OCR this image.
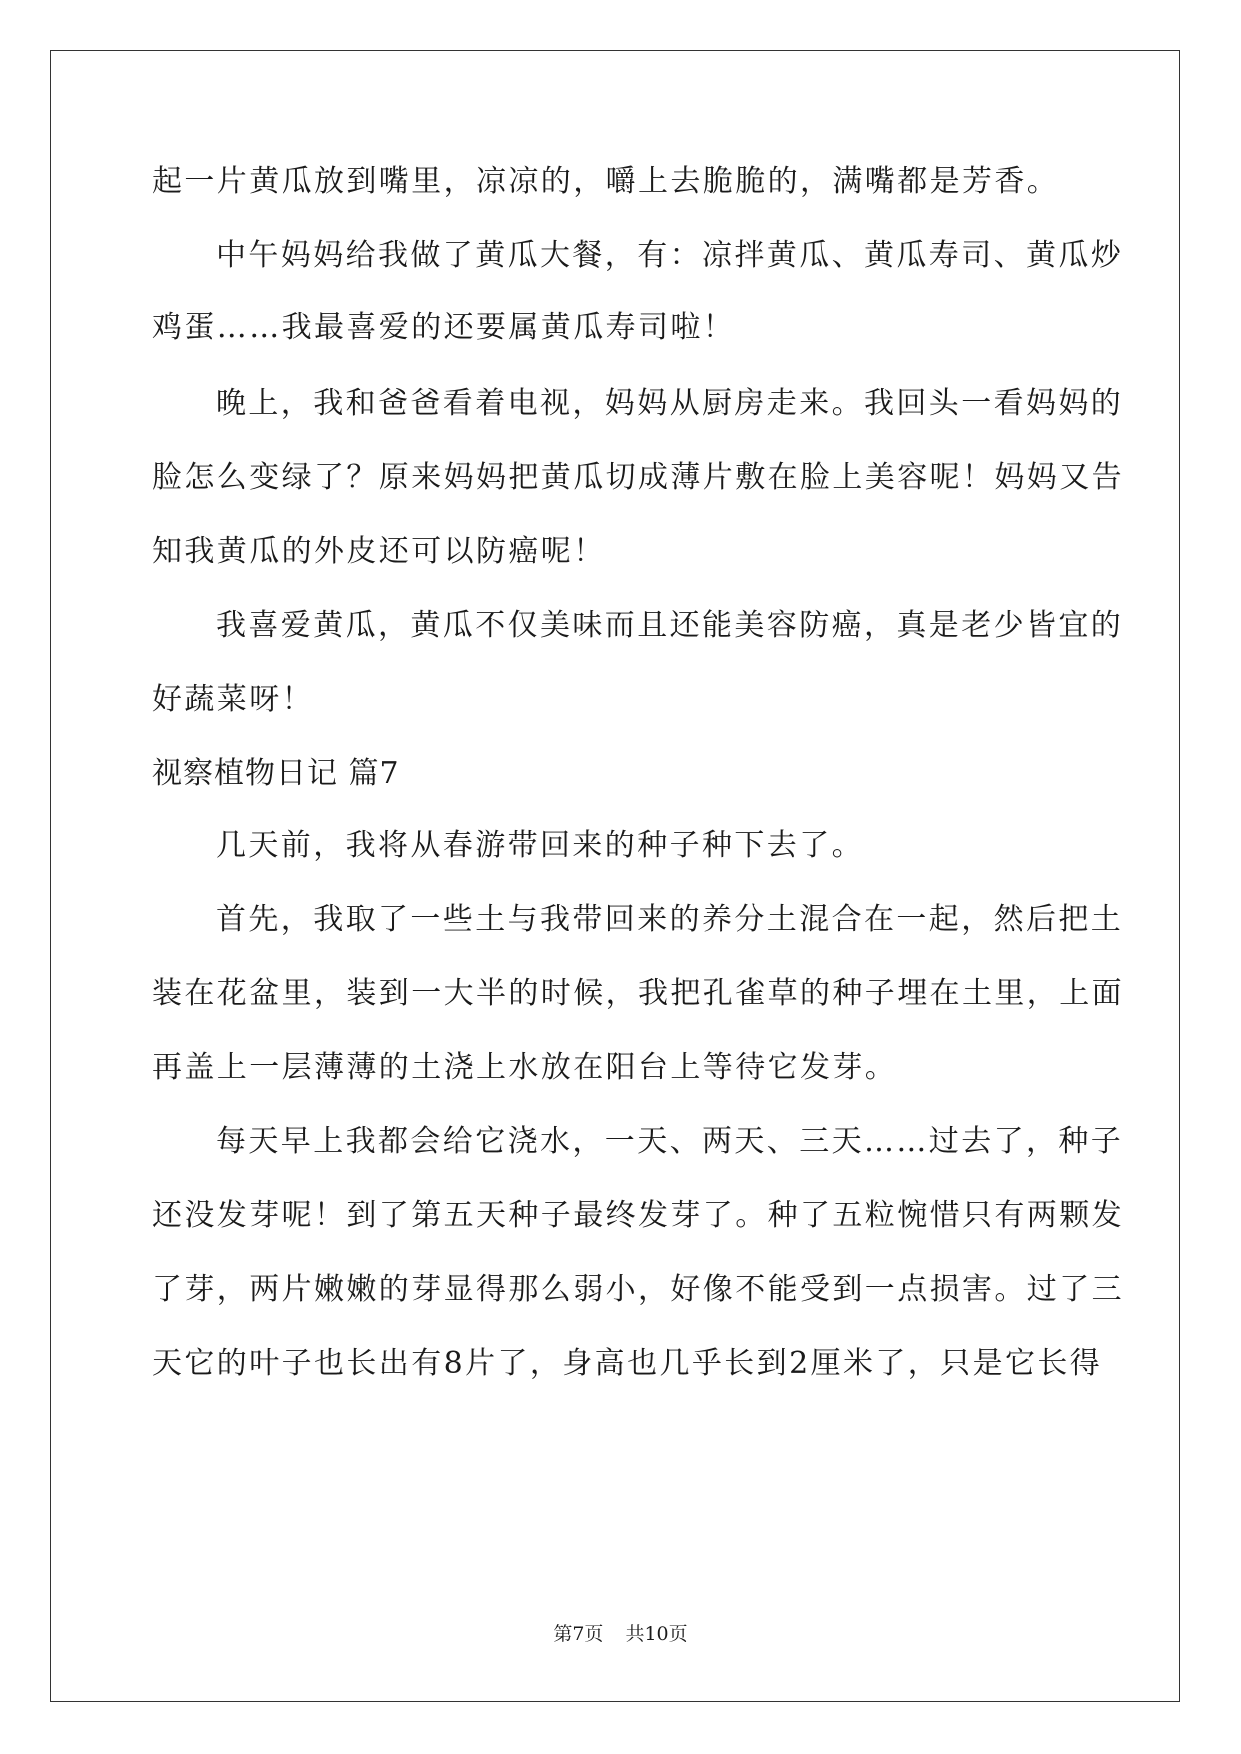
起一片黄瓜放到嘴里，凉凉的，嚼上去脆脆的，满嘴都是芳香。
中午妈妈给我做了黄瓜大餐，有：凉拌黄瓜、黄瓜寿司、黄瓜炒
鸡蛋……我最喜爱的还要属黄瓜寿司啦！
晚上，我和爸爸看着电视，妈妈从厨房走来。我回头一看妈妈的
脸怎么变绿了？原来妈妈把黄瓜切成薄片敷在脸上美容呢！妈妈又告
知我黄瓜的外皮还可以防癌呢！
我喜爱黄瓜，黄瓜不仅美味而且还能美容防癌，真是老少皆宜的
好蔬菜呀！
视察植物日记 篇7
几天前，我将从春游带回来的种子种下去了。
首先，我取了一些土与我带回来的养分土混合在一起，然后把土
装在花盆里，装到一大半的时候，我把孔雀草的种子埋在土里，上面
再盖上一层薄薄的土浇上水放在阳台上等待它发芽。
每天早上我都会给它浇水，一天、两天、三天……过去了，种子
还没发芽呢！到了第五天种子最终发芽了。种了五粒惋惜只有两颗发
了芽，两片嫩嫩的芽显得那么弱小，好像不能受到一点损害。过了三
天它的叶子也长出有8片了，身高也几乎长到2厘米了，只是它长得
第7页 共10页
